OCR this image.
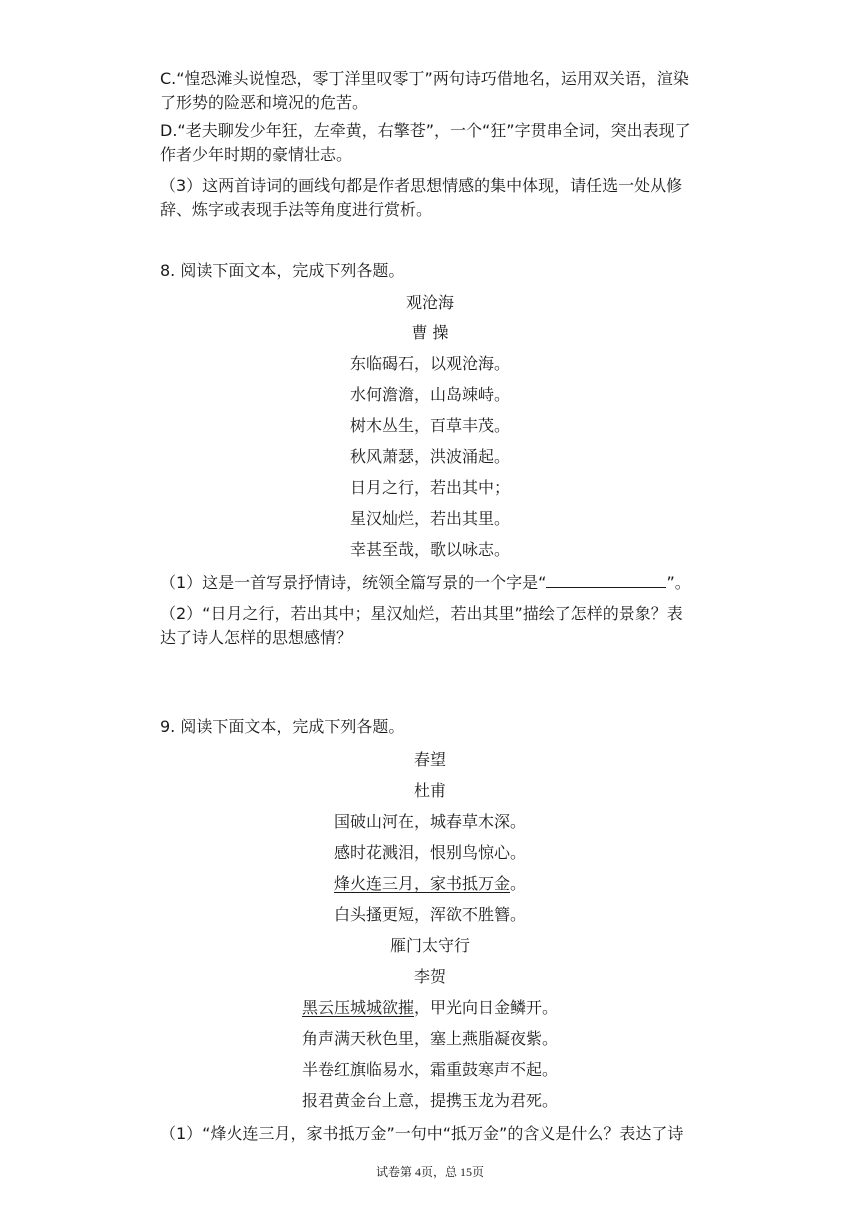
C.“惶恐滩头说惶恐，零丁洋里叹零丁”两句诗巧借地名，运用双关语，渲染
了形势的险恶和境况的危苦。
D.“老夫聊发少年狂，左牵黄，右擎苍”，一个“狂”字贯串全词，突出表现了
作者少年时期的豪情壮志。
（3）这两首诗词的画线句都是作者思想情感的集中体现，请任选一处从修
辞、炼字或表现手法等角度进行赏析。
8. 阅读下面文本，完成下列各题。
观沧海
曹 操
东临碣石，以观沧海。
水何澹澹，山岛竦峙。
树木丛生，百草丰茂。
秋风萧瑟，洪波涌起。
日月之行，若出其中；
星汉灿烂，若出其里。
幸甚至哉，歌以咏志。
（1）这是一首写景抒情诗，统领全篇写景的一个字是“	”。
（2）“日月之行，若出其中；星汉灿烂，若出其里”描绘了怎样的景象？表
达了诗人怎样的思想感情？
9. 阅读下面文本，完成下列各题。
春望
杜甫
国破山河在，城春草木深。
感时花溅泪，恨别鸟惊心。
烽火连三月，家书抵万金。
白头搔更短，浑欲不胜簪。
雁门太守行
李贺
黑云压城城欲摧，甲光向日金鳞开。
角声满天秋色里，塞上燕脂凝夜紫。
半卷红旗临易水，霜重鼓寒声不起。
报君黄金台上意，提携玉龙为君死。
（1）“烽火连三月，家书抵万金”一句中“抵万金”的含义是什么？表达了诗
试卷第 4页，总 15页
